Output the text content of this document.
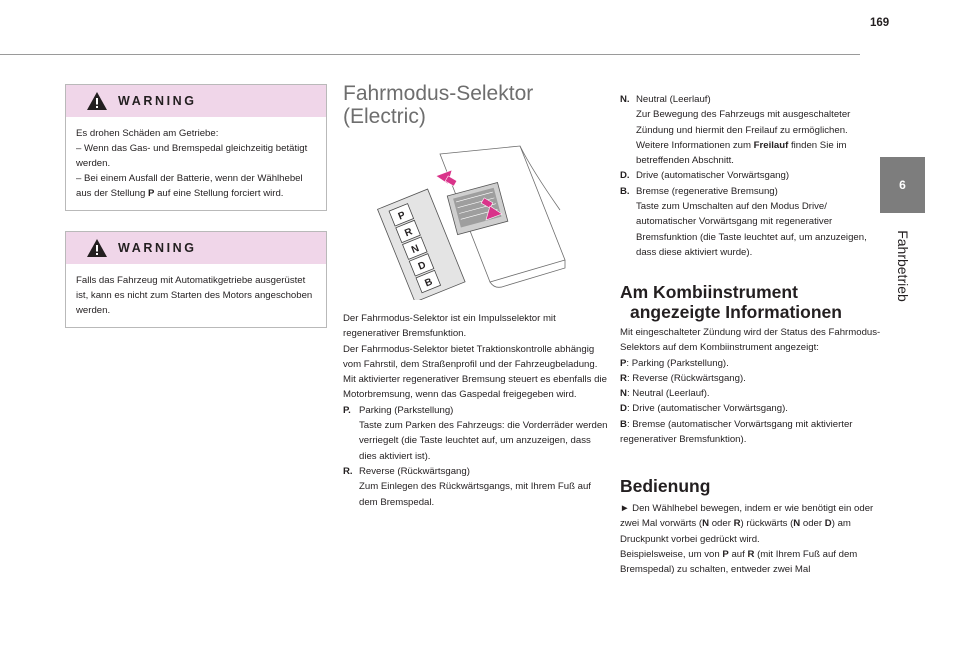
169
6
Fahrbetrieb
WARNING

Es drohen Schäden am Getriebe:

– Wenn das Gas- und Bremspedal gleichzeitig betätigt werden.

– Bei einem Ausfall der Batterie, wenn der Wählhebel aus der Stellung P auf eine Stellung forciert wird.

WARNING

Falls das Fahrzeug mit Automatikgetriebe ausgerüstet ist, kann es nicht zum Starten des Motors angeschoben werden.

Fahrmodus-Selektor
(Electric)
P
R
N
D
B

Der Fahrmodus-Selektor ist ein Impulsselektor mit regenerativer Bremsfunktion.

Der Fahrmodus-Selektor bietet Traktionskontrolle abhängig vom Fahrstil, dem Straßenprofil und der Fahrzeugbeladung.

Mit aktivierter regenerativer Bremsung steuert es ebenfalls die Motorbremsung, wenn das Gaspedal freigegeben wird.

P. Parking (Parkstellung)

Taste zum Parken des Fahrzeugs: die Vorderräder werden verriegelt (die Taste leuchtet auf, um anzuzeigen, dass dies aktiviert ist).

R. Reverse (Rückwärtsgang)

Zum Einlegen des Rückwärtsgangs, mit Ihrem Fuß auf dem Bremspedal.

N. Neutral (Leerlauf)

Zur Bewegung des Fahrzeugs mit ausgeschalteter Zündung und hiermit den Freilauf zu ermöglichen. Weitere Informationen zum Freilauf finden Sie im betreffenden Abschnitt.

D. Drive (automatischer Vorwärtsgang)

B. Bremse (regenerative Bremsung)

Taste zum Umschalten auf den Modus Drive/ automatischer Vorwärtsgang mit regenerativer Bremsfunktion (die Taste leuchtet auf, um anzuzeigen, dass diese aktiviert wurde).

Am Kombiinstrument
angezeigte Informationen

Mit eingeschalteter Zündung wird der Status des Fahrmodus-Selektors auf dem Kombiinstrument angezeigt:

P: Parking (Parkstellung).

R: Reverse (Rückwärtsgang).

N: Neutral (Leerlauf).

D: Drive (automatischer Vorwärtsgang).

B: Bremse (automatischer Vorwärtsgang mit aktivierter regenerativer Bremsfunktion).

Bedienung

► Den Wählhebel bewegen, indem er wie benötigt ein oder zwei Mal vorwärts (N oder R) rückwärts (N oder D) am Druckpunkt vorbei gedrückt wird.

Beispielsweise, um von P auf R (mit Ihrem Fuß auf dem Bremspedal) zu schalten, entweder zwei Mal
